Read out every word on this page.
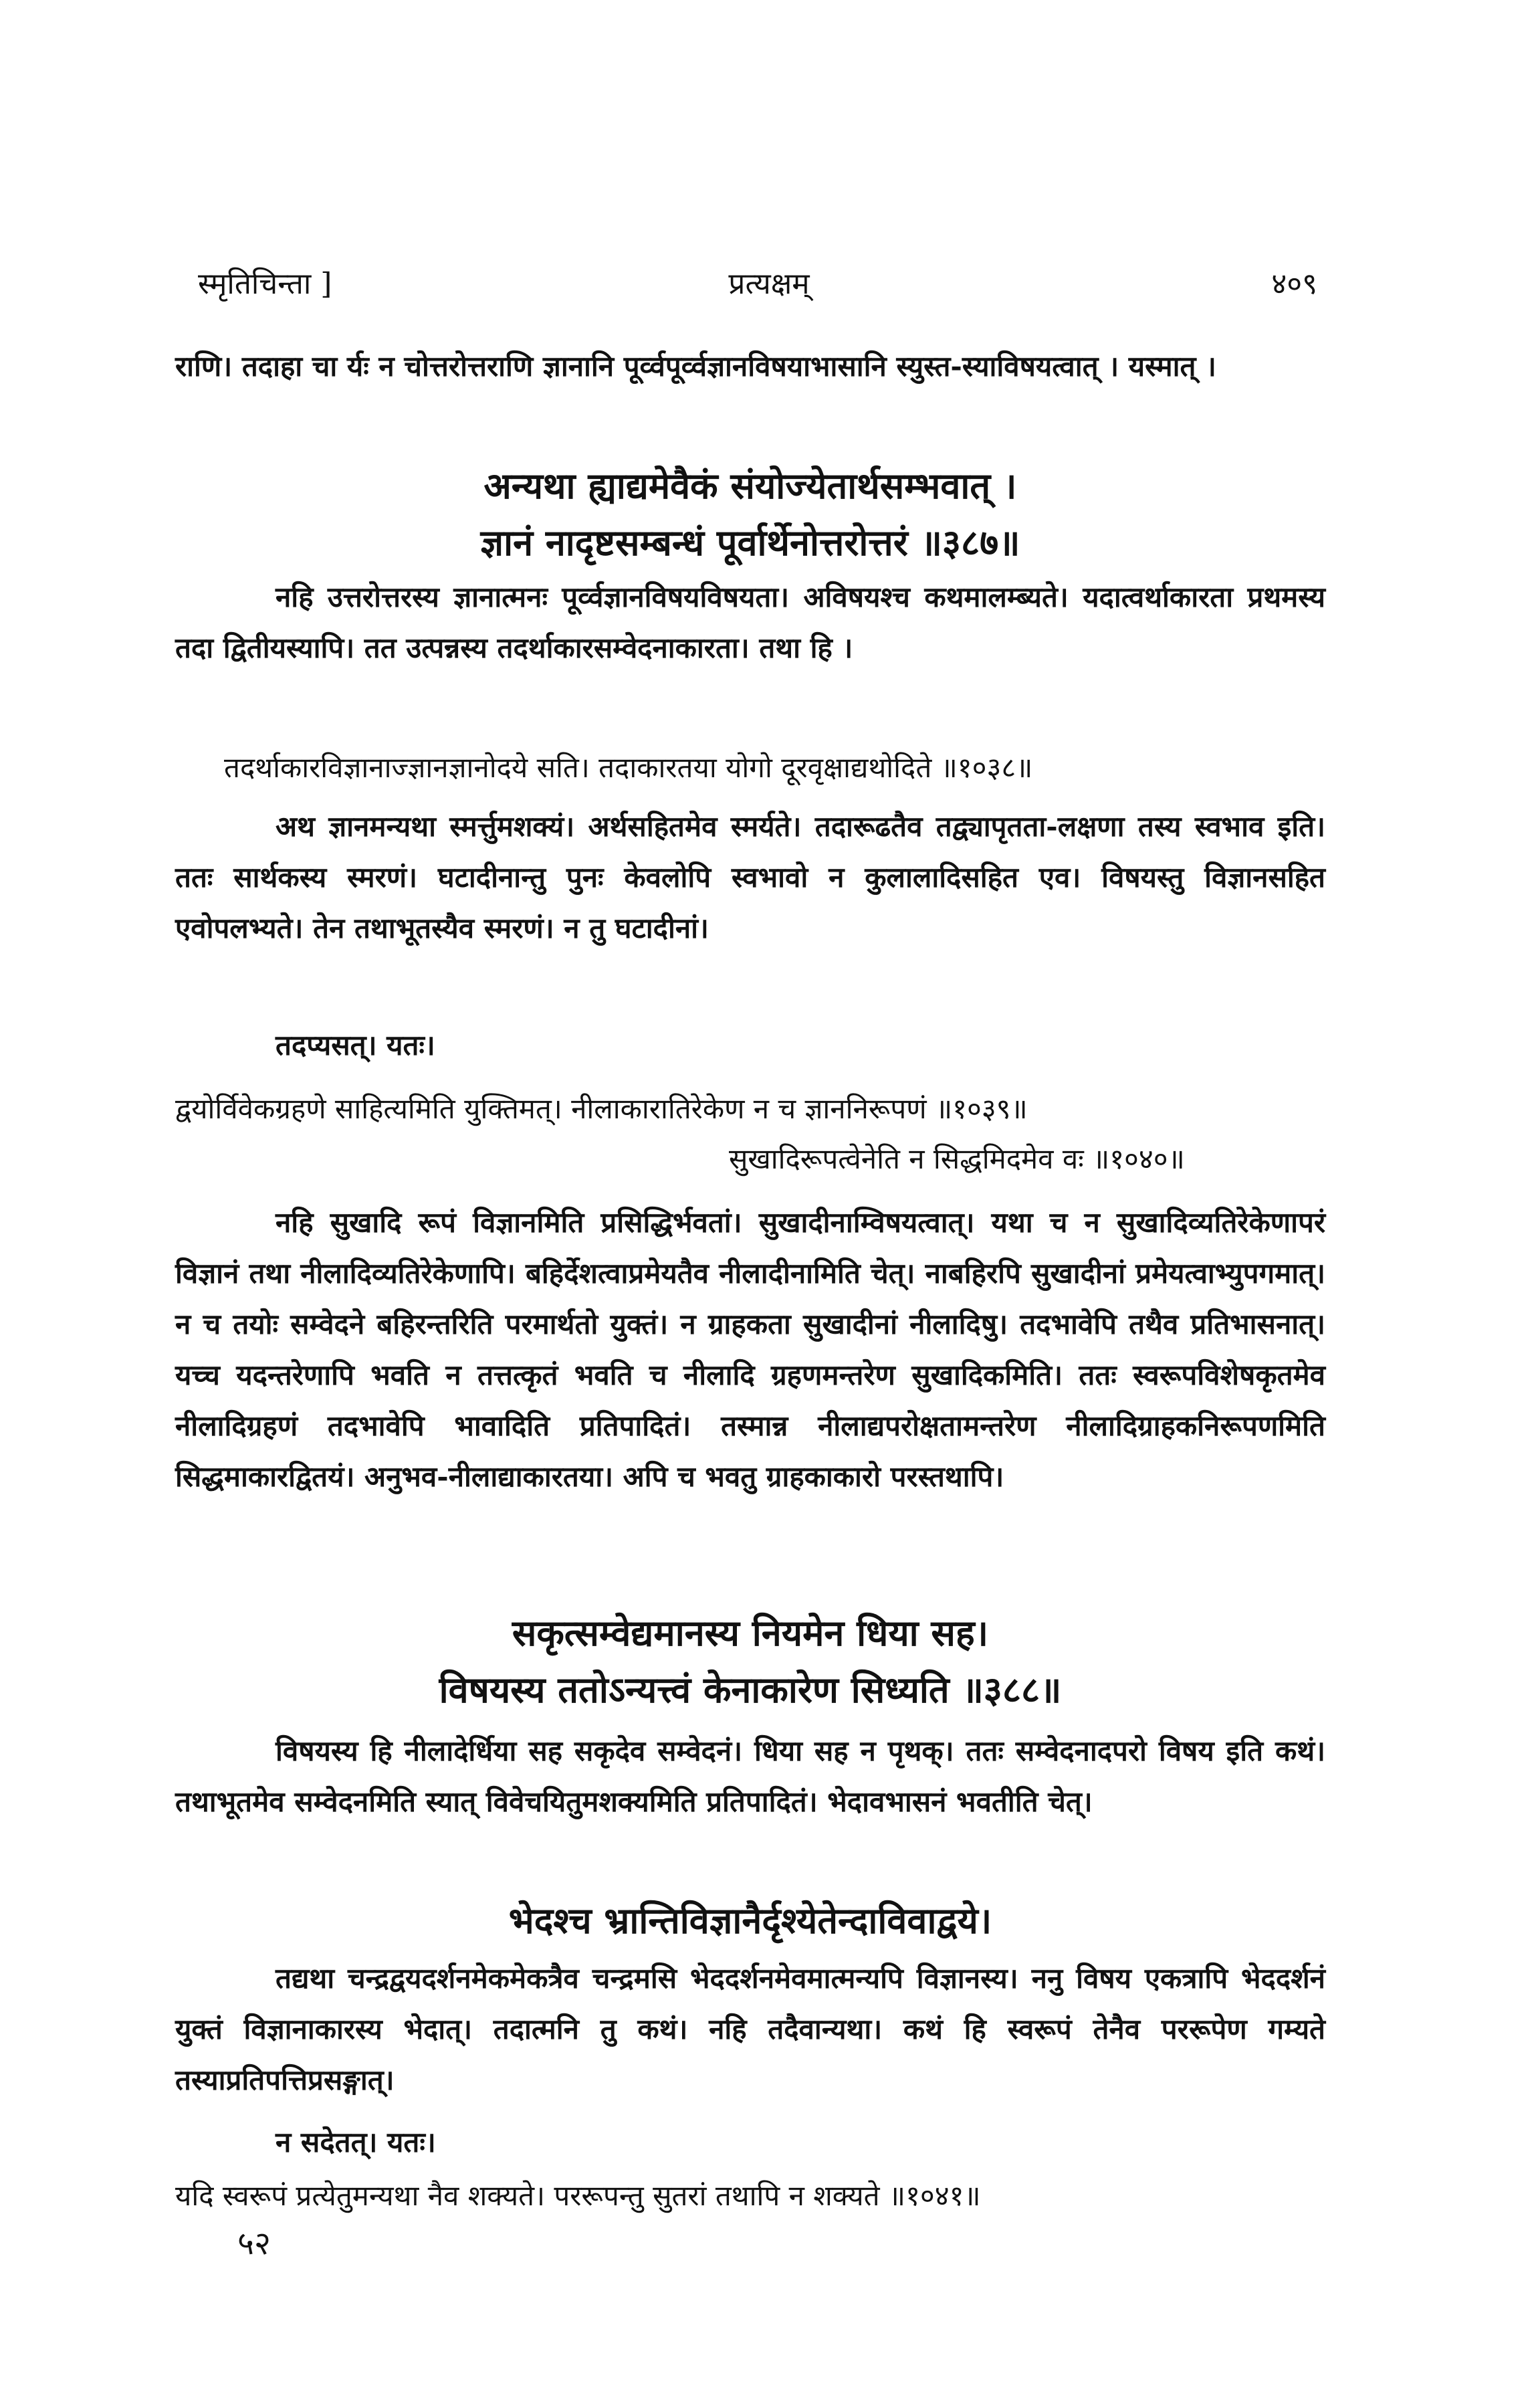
स्मृतिचिन्ता ]	प्रत्यक्षम्	४०९
राणि। तदाहा चा र्यः न चोत्तरोत्तराणि ज्ञानानि पूर्व्वपूर्व्वज्ञानविषयाभासानि स्युस्त-स्याविषयत्वात् । यस्मात् ।
अन्यथा ह्याद्यमेवैकं संयोज्येतार्थसम्भवात् ।
ज्ञानं नादृष्टसम्बन्धं पूर्वार्थेनोत्तरोत्तरं ॥३८७॥
नहि उत्तरोत्तरस्य ज्ञानात्मनः पूर्व्वज्ञानविषयविषयता। अविषयश्च कथमालम्ब्यते। यदात्वर्थाकारता प्रथमस्य तदा द्वितीयस्यापि। तत उत्पन्नस्य तदर्थाकारसम्वेदनाकारता। तथा हि ।
तदर्थाकारविज्ञानाज्ज्ञानज्ञानोदये सति। तदाकारतया योगो दूरवृक्षाद्यथोदिते ॥१०३८॥
अथ ज्ञानमन्यथा स्मर्त्तुमशक्यं। अर्थसहितमेव स्मर्यते। तदारूढतैव तद्व्यापृतता-लक्षणा तस्य स्वभाव इति। ततः सार्थकस्य स्मरणं। घटादीनान्तु पुनः केवलोपि स्वभावो न कुलालादिसहित एव। विषयस्तु विज्ञानसहित एवोपलभ्यते। तेन तथाभूतस्यैव स्मरणं। न तु घटादीनां।
तदप्यसत्। यतः।
द्वयोर्विवेकग्रहणे साहित्यमिति युक्तिमत्। नीलाकारातिरेकेण न च ज्ञाननिरूपणं ॥१०३९॥
सुखादिरूपत्वेनेति न सिद्धमिदमेव वः ॥१०४०॥
नहि सुखादि रूपं विज्ञानमिति प्रसिद्धिर्भवतां। सुखादीनाम्विषयत्वात्। यथा च न सुखादिव्यतिरेकेणापरं विज्ञानं तथा नीलादिव्यतिरेकेणापि। बहिर्देशत्वाप्रमेयतैव नीलादीनामिति चेत्। नाबहिरपि सुखादीनां प्रमेयत्वाभ्युपगमात्। न च तयोः सम्वेदने बहिरन्तरिति परमार्थतो युक्तं। न ग्राहकता सुखादीनां नीलादिषु। तदभावेपि तथैव प्रतिभासनात्। यच्च यदन्तरेणापि भवति न तत्तत्कृतं भवति च नीलादि ग्रहणमन्तरेण सुखादिकमिति। ततः स्वरूपविशेषकृतमेव नीलादिग्रहणं तदभावेपि भावादिति प्रतिपादितं। तस्मान्न नीलाद्यपरोक्षतामन्तरेण नीलादिग्राहकनिरूपणमिति सिद्धमाकारद्वितयं। अनुभव-नीलाद्याकारतया। अपि च भवतु ग्राहकाकारो परस्तथापि।
सकृत्सम्वेद्यमानस्य नियमेन धिया सह।
विषयस्य ततोऽन्यत्त्वं केनाकारेण सिध्यति ॥३८८॥
विषयस्य हि नीलादेर्धिया सह सकृदेव सम्वेदनं। धिया सह न पृथक्। ततः सम्वेदनादपरो विषय इति कथं। तथाभूतमेव सम्वेदनमिति स्यात् विवेचयितुमशक्यमिति प्रतिपादितं। भेदावभासनं भवतीति चेत्।
भेदश्च भ्रान्तिविज्ञानैर्दृश्येतेन्दाविवाद्वये।
तद्यथा चन्द्रद्वयदर्शनमेकमेकत्रैव चन्द्रमसि भेददर्शनमेवमात्मन्यपि विज्ञानस्य। ननु विषय एकत्रापि भेददर्शनं युक्तं विज्ञानाकारस्य भेदात्। तदात्मनि तु कथं। नहि तदैवान्यथा। कथं हि स्वरूपं तेनैव पररूपेण गम्यते तस्याप्रतिपत्तिप्रसङ्गात्।
न सदेतत्। यतः।
यदि स्वरूपं प्रत्येतुमन्यथा नैव शक्यते। पररूपन्तु सुतरां तथापि न शक्यते ॥१०४१॥
५२
